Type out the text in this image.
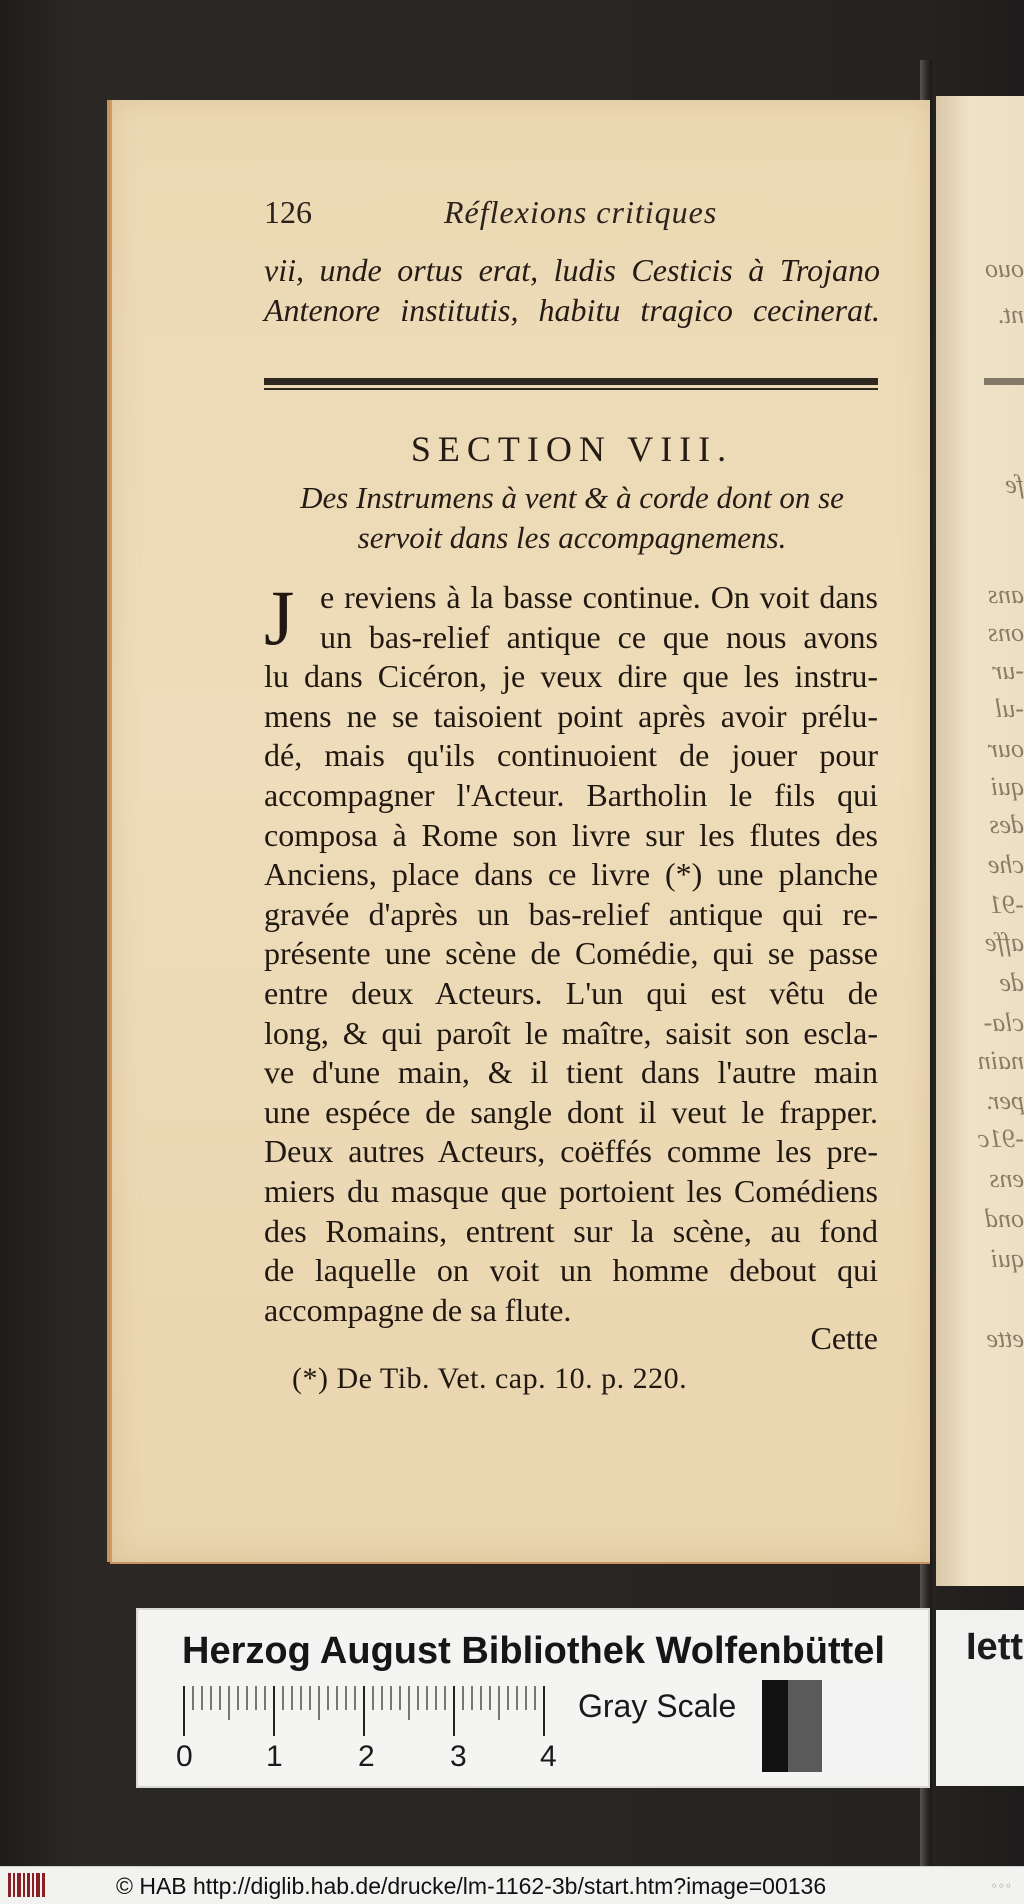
ouo
nt.
fe
ans
ons
-ur
-ul
our
qui
des
che
-91
affe
de
cla-
nain
per.
-91c
ens
ond
qui
ette
126	Réflexions critiques
vii, unde ortus erat, ludis Cesticis à Trojano
Antenore institutis, habitu tragico cecinerat.
SECTION VIII.
Des Instrumens à vent & à corde dont on se
servoit dans les accompagnemens.
J e reviens à la basse continue. On voit dans
un bas-relief antique ce que nous avons
lu dans Cicéron, je veux dire que les instru-
mens ne se taisoient point après avoir prélu-
dé, mais qu'ils continuoient de jouer pour
accompagner l'Acteur. Bartholin le fils qui
composa à Rome son livre sur les flutes des
Anciens, place dans ce livre (*) une planche
gravée d'après un bas-relief antique qui re-
présente une scène de Comédie, qui se passe
entre deux Acteurs. L'un qui est vêtu de
long, & qui paroît le maître, saisit son escla-
ve d'une main, & il tient dans l'autre main
une espéce de sangle dont il veut le frapper.
Deux autres Acteurs, coëffés comme les pre-
miers du masque que portoient les Comédiens
des Romains, entrent sur la scène, au fond
de laquelle on voit un homme debout qui
accompagne de sa flute.
Cette
(*) De Tib. Vet. cap. 10. p. 220.
Herzog August Bibliothek Wolfenbüttel
0 1	2	3 4
Gray Scale
Iett
© HAB http://diglib.hab.de/drucke/lm-1162-3b/start.htm?image=00136	◦◦◦
